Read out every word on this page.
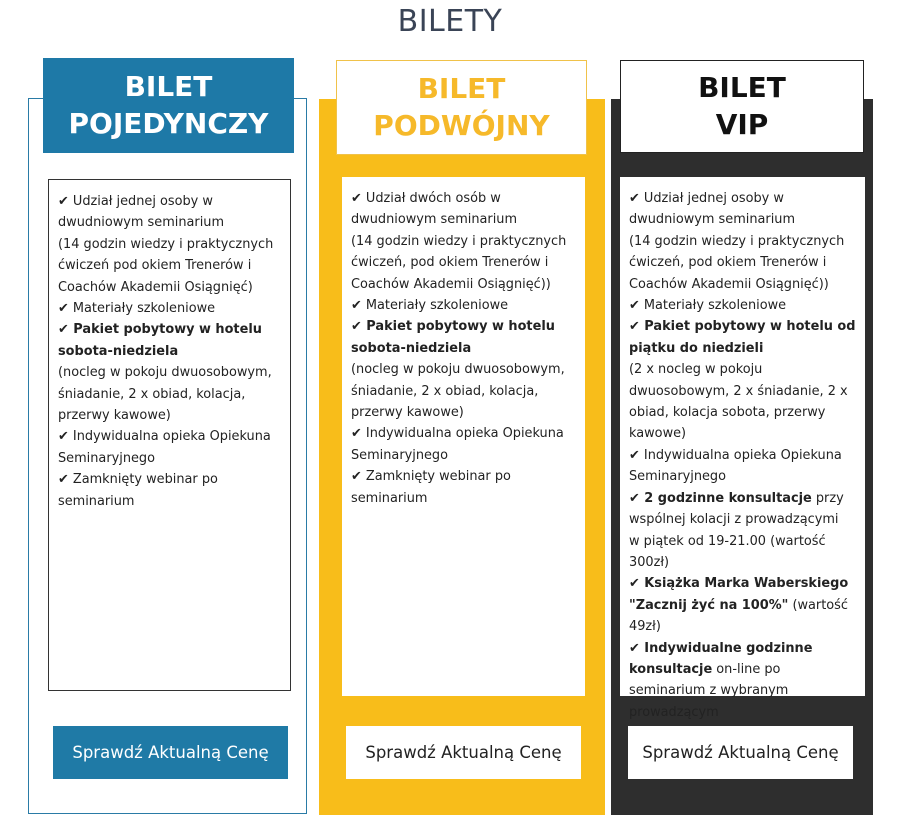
BILETY
BILET
POJEDYNCZY
BILET
PODWÓJNY
BILET
VIP

✔ Udział jednej osoby w dwudniowym seminarium

(14 godzin wiedzy i praktycznych ćwiczeń pod okiem Trenerów i Coachów Akademii Osiągnięć)

✔ Materiały szkoleniowe

✔ Pakiet pobytowy w hotelu sobota-niedziela

(nocleg w pokoju dwuosobowym, śniadanie, 2 x obiad, kolacja, przerwy kawowe)

✔ Indywidualna opieka Opiekuna Seminaryjnego

✔ Zamknięty webinar po seminarium

✔ Udział dwóch osób w dwudniowym seminarium

(14 godzin wiedzy i praktycznych ćwiczeń, pod okiem Trenerów i Coachów Akademii Osiągnięć))

✔ Materiały szkoleniowe

✔ Pakiet pobytowy w hotelu sobota-niedziela

(nocleg w pokoju dwuosobowym, śniadanie, 2 x obiad, kolacja, przerwy kawowe)

✔ Indywidualna opieka Opiekuna Seminaryjnego

✔ Zamknięty webinar po seminarium

✔ Udział jednej osoby w dwudniowym seminarium

(14 godzin wiedzy i praktycznych ćwiczeń, pod okiem Trenerów i Coachów Akademii Osiągnięć))

✔ Materiały szkoleniowe

✔ Pakiet pobytowy w hotelu od piątku do niedzieli

(2 x nocleg w pokoju dwuosobowym, 2 x śniadanie, 2 x obiad, kolacja sobota, przerwy kawowe)

✔ Indywidualna opieka Opiekuna Seminaryjnego

✔ 2 godzinne konsultacje przy wspólnej kolacji z prowadzącymi

w piątek od 19-21.00 (wartość 300zł)

✔ Książka Marka Waberskiego "Zacznij żyć na 100%" (wartość 49zł)

✔ Indywidualne godzinne konsultacje on-line po seminarium z wybranym prowadzącym

Sprawdź Aktualną Cenę	Sprawdź Aktualną Cenę	Sprawdź Aktualną Cenę
